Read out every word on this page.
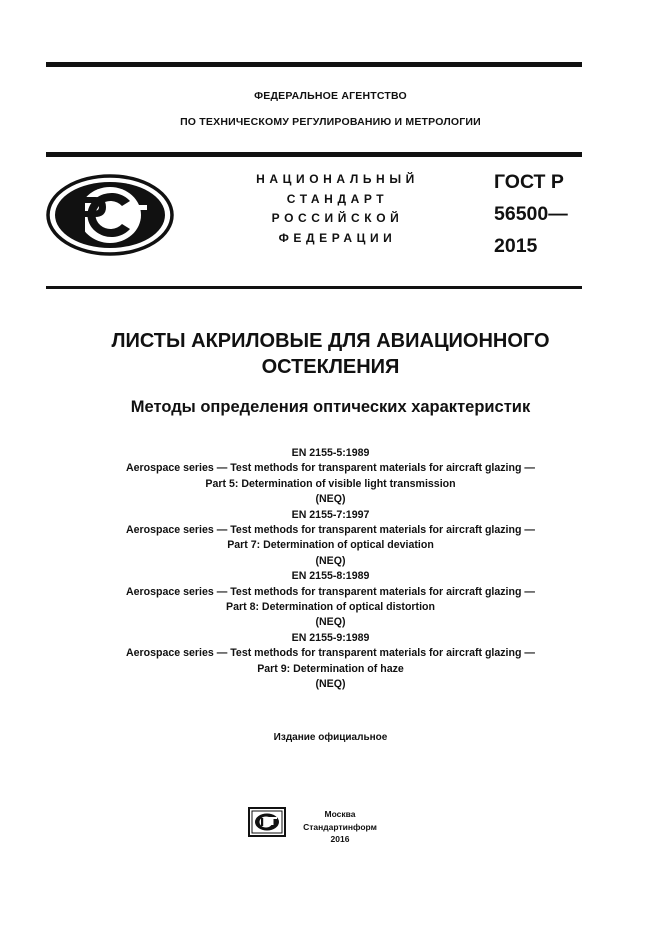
ФЕДЕРАЛЬНОЕ АГЕНТСТВО
ПО ТЕХНИЧЕСКОМУ РЕГУЛИРОВАНИЮ И МЕТРОЛОГИИ
НАЦИОНАЛЬНЫЙ
СТАНДАРТ
РОССИЙСКОЙ
ФЕДЕРАЦИИ
ГОСТ Р
56500—
2015
ЛИСТЫ АКРИЛОВЫЕ ДЛЯ АВИАЦИОННОГО
ОСТЕКЛЕНИЯ
Методы определения оптических характеристик
EN 2155-5:1989
Aerospace series — Test methods for transparent materials for aircraft glazing —
Part 5: Determination of visible light transmission
(NEQ)
EN 2155-7:1997
Aerospace series — Test methods for transparent materials for aircraft glazing —
Part 7: Determination of optical deviation
(NEQ)
EN 2155-8:1989
Aerospace series — Test methods for transparent materials for aircraft glazing —
Part 8: Determination of optical distortion
(NEQ)
EN 2155-9:1989
Aerospace series — Test methods for transparent materials for aircraft glazing —
Part 9: Determination of haze
(NEQ)
Издание официальное
Москва
Стандартинформ
2016
